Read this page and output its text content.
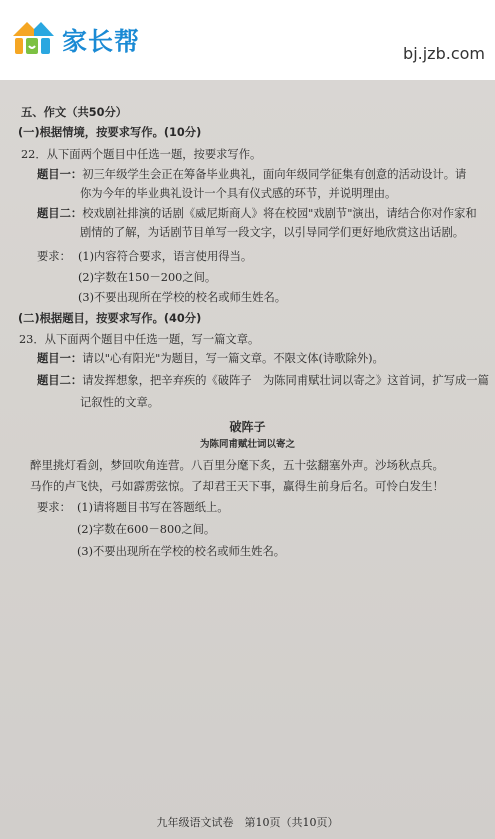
家长帮	bj.jzb.com
五、作文（共50分）
(一)根据情境，按要求写作。(10分)
22．从下面两个题目中任选一题，按要求写作。
题目一：初三年级学生会正在筹备毕业典礼，面向年级同学征集有创意的活动设计。请
你为今年的毕业典礼设计一个具有仪式感的环节，并说明理由。
题目二：校戏剧社排演的话剧《威尼斯商人》将在校园"戏剧节"演出，请结合你对作家和
剧情的了解，为话剧节目单写一段文字，以引导同学们更好地欣赏这出话剧。
要求： (1)内容符合要求，语言使用得当。
(2)字数在150－200之间。
(3)不要出现所在学校的校名或师生姓名。
(二)根据题目，按要求写作。(40分)
23．从下面两个题目中任选一题，写一篇文章。
题目一：请以"心有阳光"为题目，写一篇文章。不限文体(诗歌除外)。
题目二：请发挥想象，把辛弃疾的《破阵子　为陈同甫赋壮词以寄之》这首词，扩写成一篇
记叙性的文章。
破阵子
为陈同甫赋壮词以寄之
醉里挑灯看剑，梦回吹角连营。八百里分麾下炙，五十弦翻塞外声。沙场秋点兵。
马作的卢飞快，弓如霹雳弦惊。了却君王天下事，赢得生前身后名。可怜白发生！
要求： (1)请将题目书写在答题纸上。
(2)字数在600－800之间。
(3)不要出现所在学校的校名或师生姓名。
九年级语文试卷　第10页（共10页）
